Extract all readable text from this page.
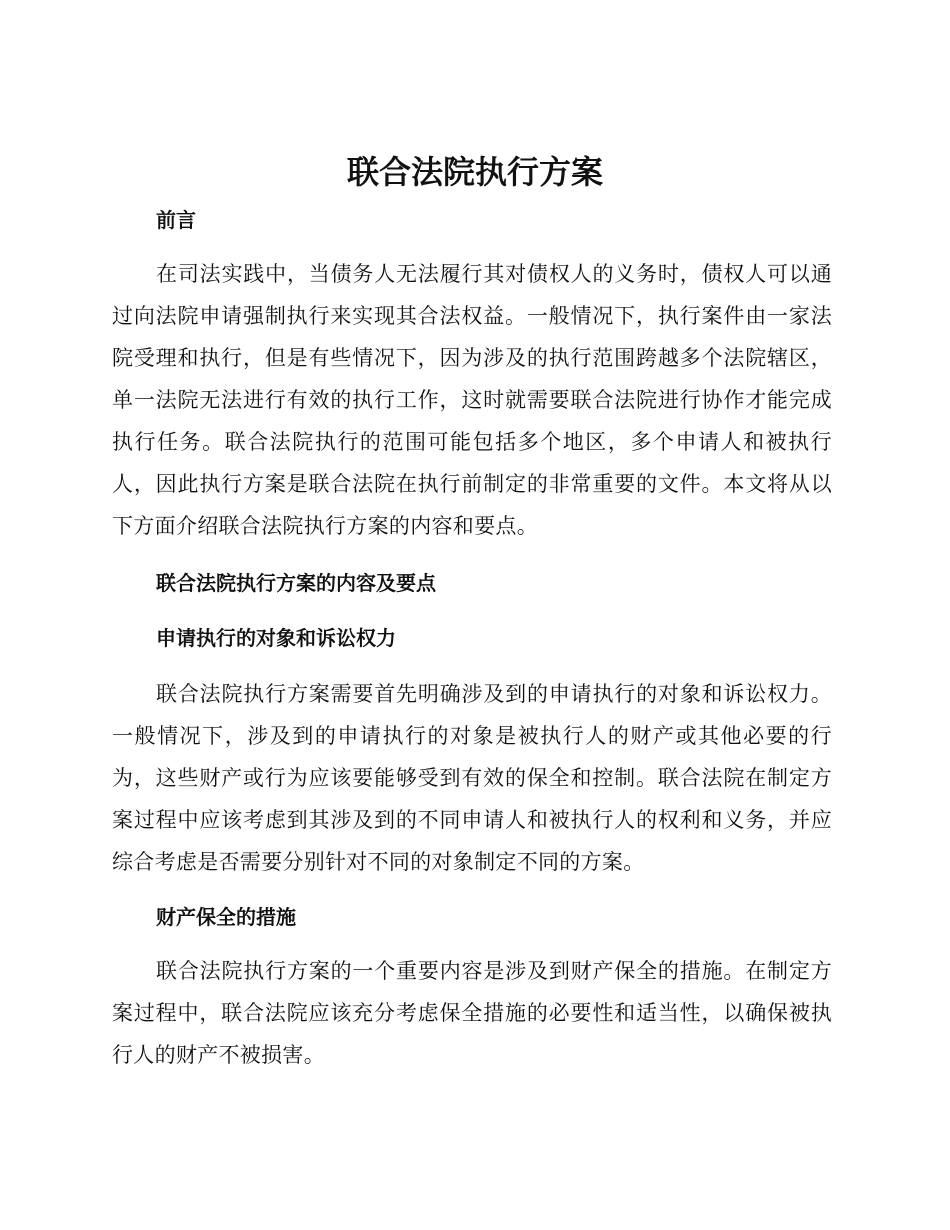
联合法院执行方案
前言

在司法实践中，当债务人无法履行其对债权人的义务时，债权人可以通过向法院申请强制执行来实现其合法权益。一般情况下，执行案件由一家法院受理和执行，但是有些情况下，因为涉及的执行范围跨越多个法院辖区，单一法院无法进行有效的执行工作，这时就需要联合法院进行协作才能完成执行任务。联合法院执行的范围可能包括多个地区，多个申请人和被执行人，因此执行方案是联合法院在执行前制定的非常重要的文件。本文将从以下方面介绍联合法院执行方案的内容和要点。

联合法院执行方案的内容及要点
申请执行的对象和诉讼权力

联合法院执行方案需要首先明确涉及到的申请执行的对象和诉讼权力。一般情况下，涉及到的申请执行的对象是被执行人的财产或其他必要的行为，这些财产或行为应该要能够受到有效的保全和控制。联合法院在制定方案过程中应该考虑到其涉及到的不同申请人和被执行人的权利和义务，并应综合考虑是否需要分别针对不同的对象制定不同的方案。

财产保全的措施

联合法院执行方案的一个重要内容是涉及到财产保全的措施。在制定方案过程中，联合法院应该充分考虑保全措施的必要性和适当性，以确保被执行人的财产不被损害。
